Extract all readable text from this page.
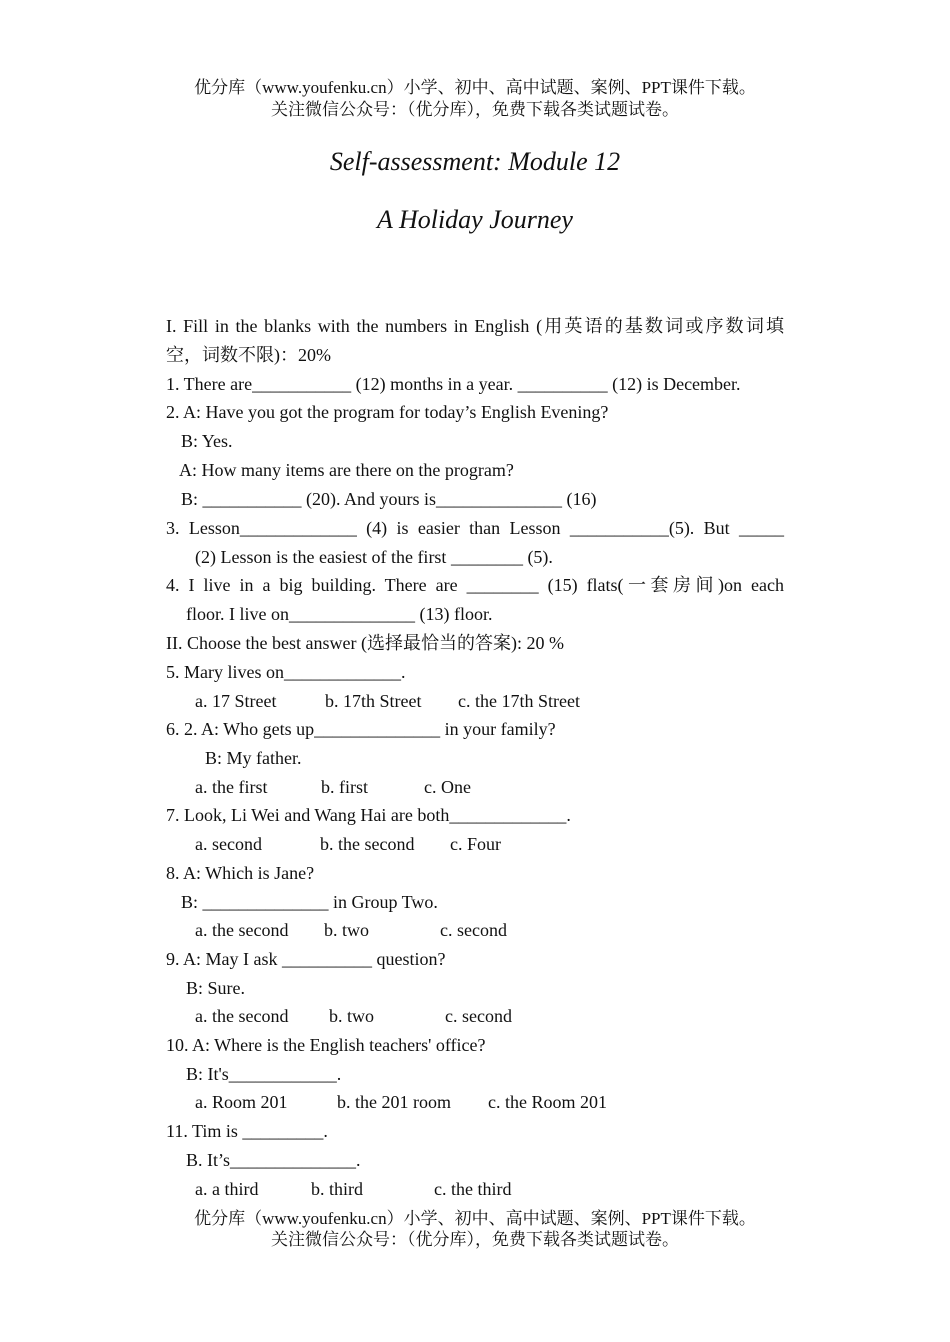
优分库（www.youfenku.cn）小学、初中、高中试题、案例、PPT课件下载。
关注微信公众号：（优分库），免费下载各类试题试卷。
Self-assessment: Module 12
A Holiday Journey
I. Fill in the blanks with the numbers in English (用英语的基数词或序数词填
空，词数不限)：20%
1. There are___________ (12) months in a year. __________ (12) is December.
2. A: Have you got the program for today’s English Evening?
B: Yes.
A: How many items are there on the program?
B: ___________ (20). And yours is______________ (16)
3. Lesson_____________ (4) is easier than Lesson ___________(5). But _____
(2) Lesson is the easiest of the first ________ (5).
4. I live in a big building. There are ________ (15) flats(一套房间)on each
floor. I live on______________ (13) floor.
II. Choose the best answer (选择最恰当的答案): 20 %
5. Mary lives on_____________.
a. 17 Street	b. 17th Street c. the 17th Street
6. 2. A: Who gets up______________ in your family?
B: My father.
a. the first	b. first	c. One
7. Look, Li Wei and Wang Hai are both_____________.
a. second	b. the second c. Four
8. A: Which is Jane?
B: ______________ in Group Two.
a. the second b. two	c. second
9. A: May I ask __________ question?
B: Sure.
a. the second b. two	c. second
10. A: Where is the English teachers' office?
B: It's____________.
a. Room 201	b. the 201 room c. the Room 201
11. Tim is _________.
B. It’s______________.
a. a third	b. third	c. the third
优分库（www.youfenku.cn）小学、初中、高中试题、案例、PPT课件下载。
关注微信公众号：（优分库），免费下载各类试题试卷。
